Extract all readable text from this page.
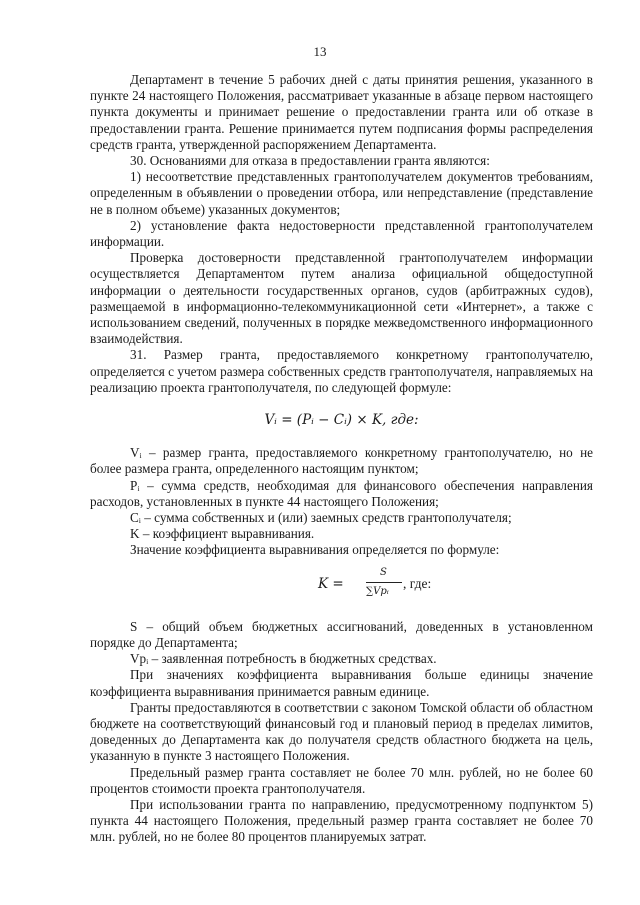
13

Департамент в течение 5 рабочих дней с даты принятия решения, указанного в пункте 24 настоящего Положения, рассматривает указанные в абзаце первом настоящего пункта документы и принимает решение о предоставлении гранта или об отказе в предоставлении гранта. Решение принимается путем подписания формы распределения средств гранта, утвержденной распоряжением Департамента.

30. Основаниями для отказа в предоставлении гранта являются:

1) несоответствие представленных грантополучателем документов требованиям, определенным в объявлении о проведении отбора, или непредставление (представление не в полном объеме) указанных документов;

2) установление факта недостоверности представленной грантополучателем информации.

Проверка достоверности представленной грантополучателем информации осуществляется Департаментом путем анализа официальной общедоступной информации о деятельности государственных органов, судов (арбитражных судов), размещаемой в информационно-телекоммуникационной сети «Интернет», а также с использованием сведений, полученных в порядке межведомственного информационного взаимодействия.

31. Размер гранта, предоставляемого конкретному грантополучателю, определяется с учетом размера собственных средств грантополучателя, направляемых на реализацию проекта грантополучателя, по следующей формуле:

Vᵢ = (Pᵢ − Cᵢ) × K, где:

Vᵢ – размер гранта, предоставляемого конкретному грантополучателю, но не более размера гранта, определенного настоящим пунктом;

Pᵢ – сумма средств, необходимая для финансового обеспечения направления расходов, установленных в пункте 44 настоящего Положения;

Cᵢ – сумма собственных и (или) заемных средств грантополучателя;

K – коэффициент выравнивания.

Значение коэффициента выравнивания определяется по формуле:

K =
S
∑Vpᵢ
, где:

S – общий объем бюджетных ассигнований, доведенных в установленном порядке до Департамента;

Vpᵢ – заявленная потребность в бюджетных средствах.

При значениях коэффициента выравнивания больше единицы значение коэффициента выравнивания принимается равным единице.

Гранты предоставляются в соответствии с законом Томской области об областном бюджете на соответствующий финансовый год и плановый период в пределах лимитов, доведенных до Департамента как до получателя средств областного бюджета на цель, указанную в пункте 3 настоящего Положения.

Предельный размер гранта составляет не более 70 млн. рублей, но не более 60 процентов стоимости проекта грантополучателя.

При использовании гранта по направлению, предусмотренному подпунктом 5) пункта 44 настоящего Положения, предельный размер гранта составляет не более 70 млн. рублей, но не более 80 процентов планируемых затрат.
